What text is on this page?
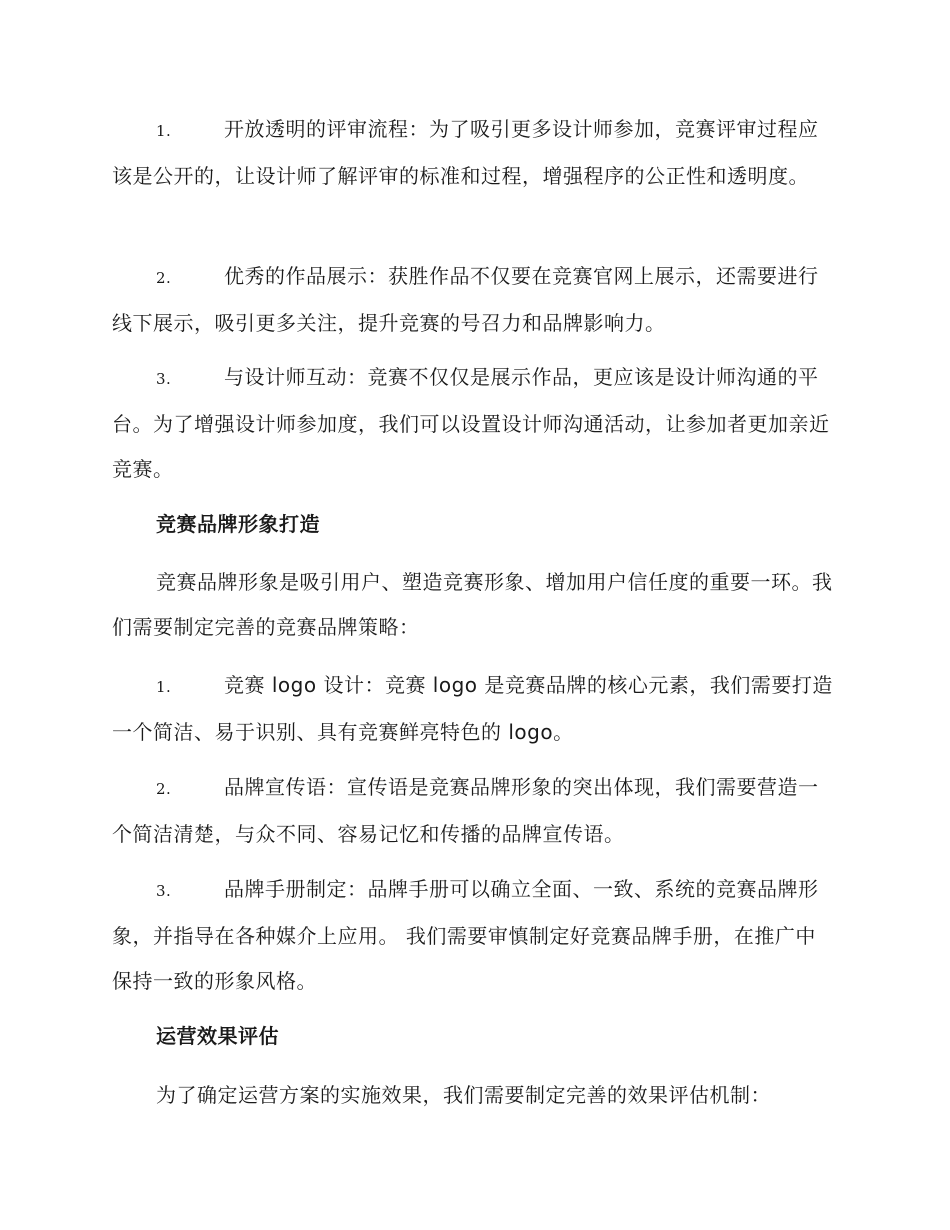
1.	开放透明的评审流程：为了吸引更多设计师参加，竞赛评审过程应该是公开的，让设计师了解评审的标准和过程，增强程序的公正性和透明度。
2.	优秀的作品展示：获胜作品不仅要在竞赛官网上展示，还需要进行线下展示，吸引更多关注，提升竞赛的号召力和品牌影响力。
3.	与设计师互动：竞赛不仅仅是展示作品，更应该是设计师沟通的平台。为了增强设计师参加度，我们可以设置设计师沟通活动，让参加者更加亲近竞赛。
竞赛品牌形象打造
竞赛品牌形象是吸引用户、塑造竞赛形象、增加用户信任度的重要一环。我们需要制定完善的竞赛品牌策略：
1.	竞赛 logo 设计：竞赛 logo 是竞赛品牌的核心元素，我们需要打造一个简洁、易于识别、具有竞赛鲜亮特色的 logo。
2.	品牌宣传语：宣传语是竞赛品牌形象的突出体现，我们需要营造一个简洁清楚，与众不同、容易记忆和传播的品牌宣传语。
3.	品牌手册制定：品牌手册可以确立全面、一致、系统的竞赛品牌形象，并指导在各种媒介上应用。 我们需要审慎制定好竞赛品牌手册，在推广中保持一致的形象风格。
运营效果评估
为了确定运营方案的实施效果，我们需要制定完善的效果评估机制：
